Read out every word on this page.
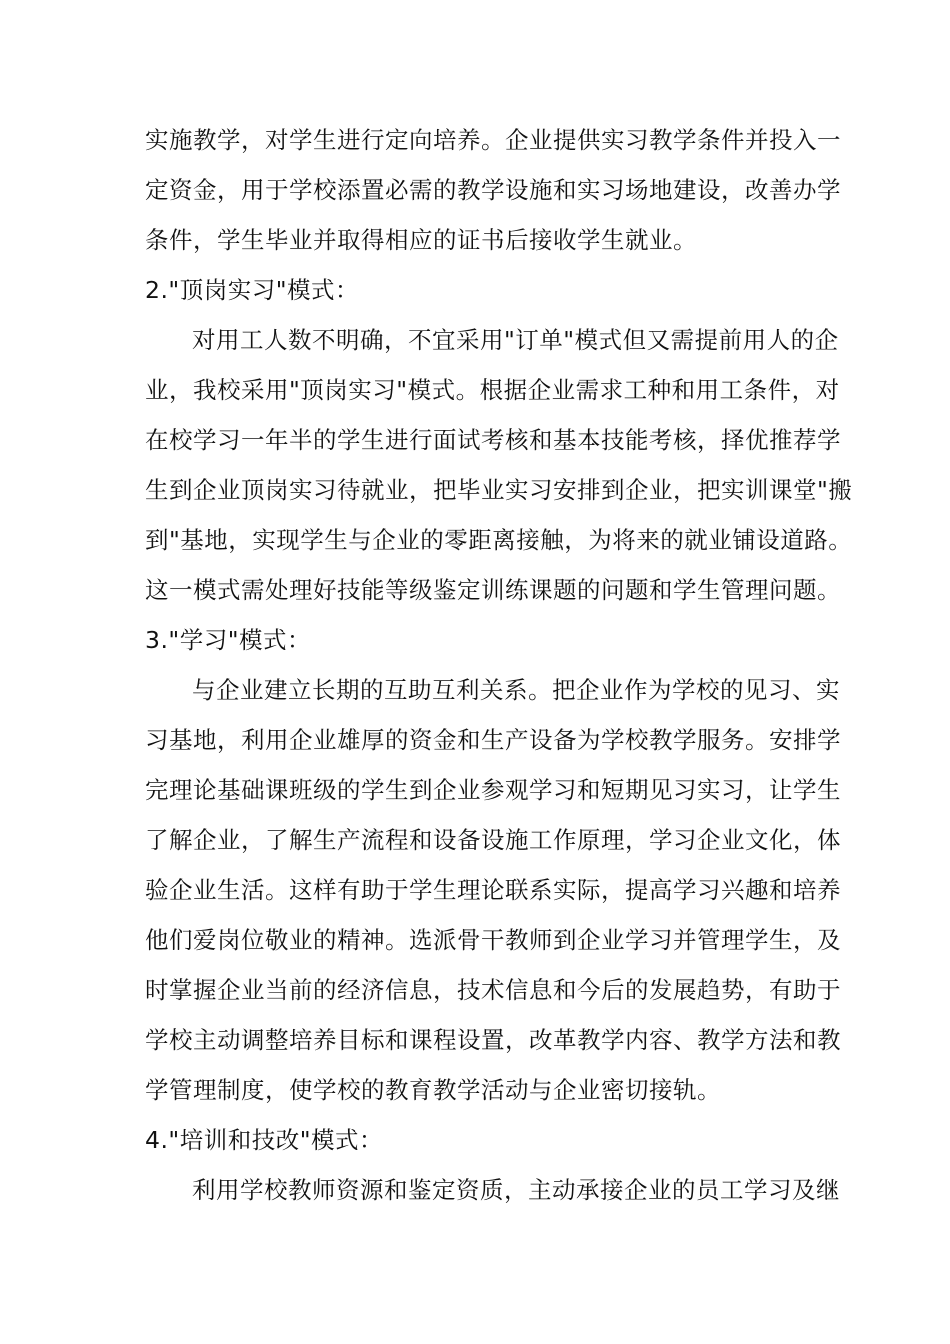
实施教学，对学生进行定向培养。企业提供实习教学条件并投入一
定资金，用于学校添置必需的教学设施和实习场地建设，改善办学
条件，学生毕业并取得相应的证书后接收学生就业。
2."顶岗实习"模式：
对用工人数不明确，不宜采用"订单"模式但又需提前用人的企
业，我校采用"顶岗实习"模式。根据企业需求工种和用工条件，对
在校学习一年半的学生进行面试考核和基本技能考核，择优推荐学
生到企业顶岗实习待就业，把毕业实习安排到企业，把实训课堂"搬
到"基地，实现学生与企业的零距离接触，为将来的就业铺设道路。
这一模式需处理好技能等级鉴定训练课题的问题和学生管理问题。
3."学习"模式：
与企业建立长期的互助互利关系。把企业作为学校的见习、实
习基地，利用企业雄厚的资金和生产设备为学校教学服务。安排学
完理论基础课班级的学生到企业参观学习和短期见习实习，让学生
了解企业，了解生产流程和设备设施工作原理，学习企业文化，体
验企业生活。这样有助于学生理论联系实际，提高学习兴趣和培养
他们爱岗位敬业的精神。选派骨干教师到企业学习并管理学生，及
时掌握企业当前的经济信息，技术信息和今后的发展趋势，有助于
学校主动调整培养目标和课程设置，改革教学内容、教学方法和教
学管理制度，使学校的教育教学活动与企业密切接轨。
4."培训和技改"模式：
利用学校教师资源和鉴定资质，主动承接企业的员工学习及继
